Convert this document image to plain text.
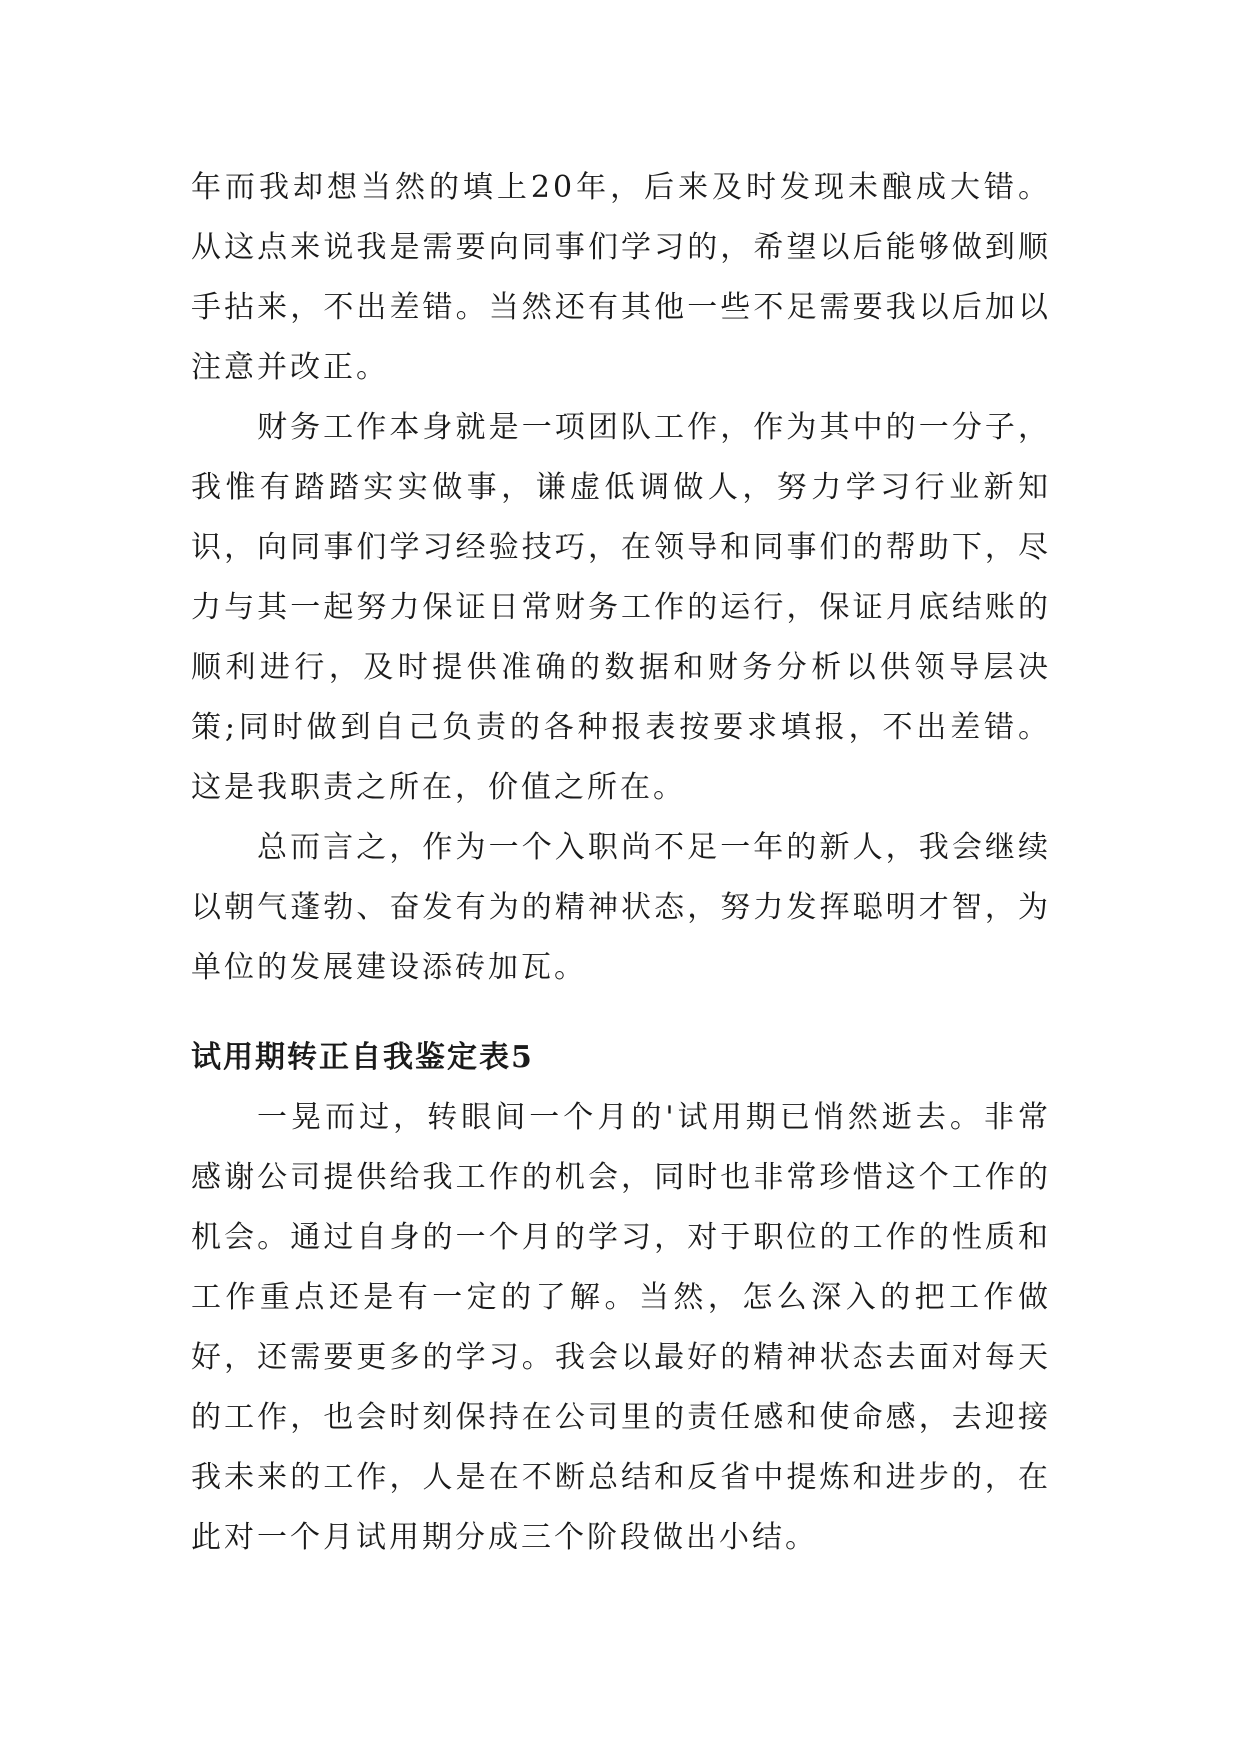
年而我却想当然的填上20年，后来及时发现未酿成大错。从这点来说我是需要向同事们学习的，希望以后能够做到顺手拈来，不出差错。当然还有其他一些不足需要我以后加以注意并改正。

财务工作本身就是一项团队工作，作为其中的一分子，我惟有踏踏实实做事，谦虚低调做人，努力学习行业新知识，向同事们学习经验技巧，在领导和同事们的帮助下，尽力与其一起努力保证日常财务工作的运行，保证月底结账的顺利进行，及时提供准确的数据和财务分析以供领导层决策;同时做到自己负责的各种报表按要求填报，不出差错。这是我职责之所在，价值之所在。

总而言之，作为一个入职尚不足一年的新人，我会继续以朝气蓬勃、奋发有为的精神状态，努力发挥聪明才智，为单位的发展建设添砖加瓦。

试用期转正自我鉴定表5

一晃而过，转眼间一个月的'试用期已悄然逝去。非常感谢公司提供给我工作的机会，同时也非常珍惜这个工作的机会。通过自身的一个月的学习，对于职位的工作的性质和工作重点还是有一定的了解。当然，怎么深入的把工作做好，还需要更多的学习。我会以最好的精神状态去面对每天的工作，也会时刻保持在公司里的责任感和使命感，去迎接我未来的工作，人是在不断总结和反省中提炼和进步的，在此对一个月试用期分成三个阶段做出小结。
